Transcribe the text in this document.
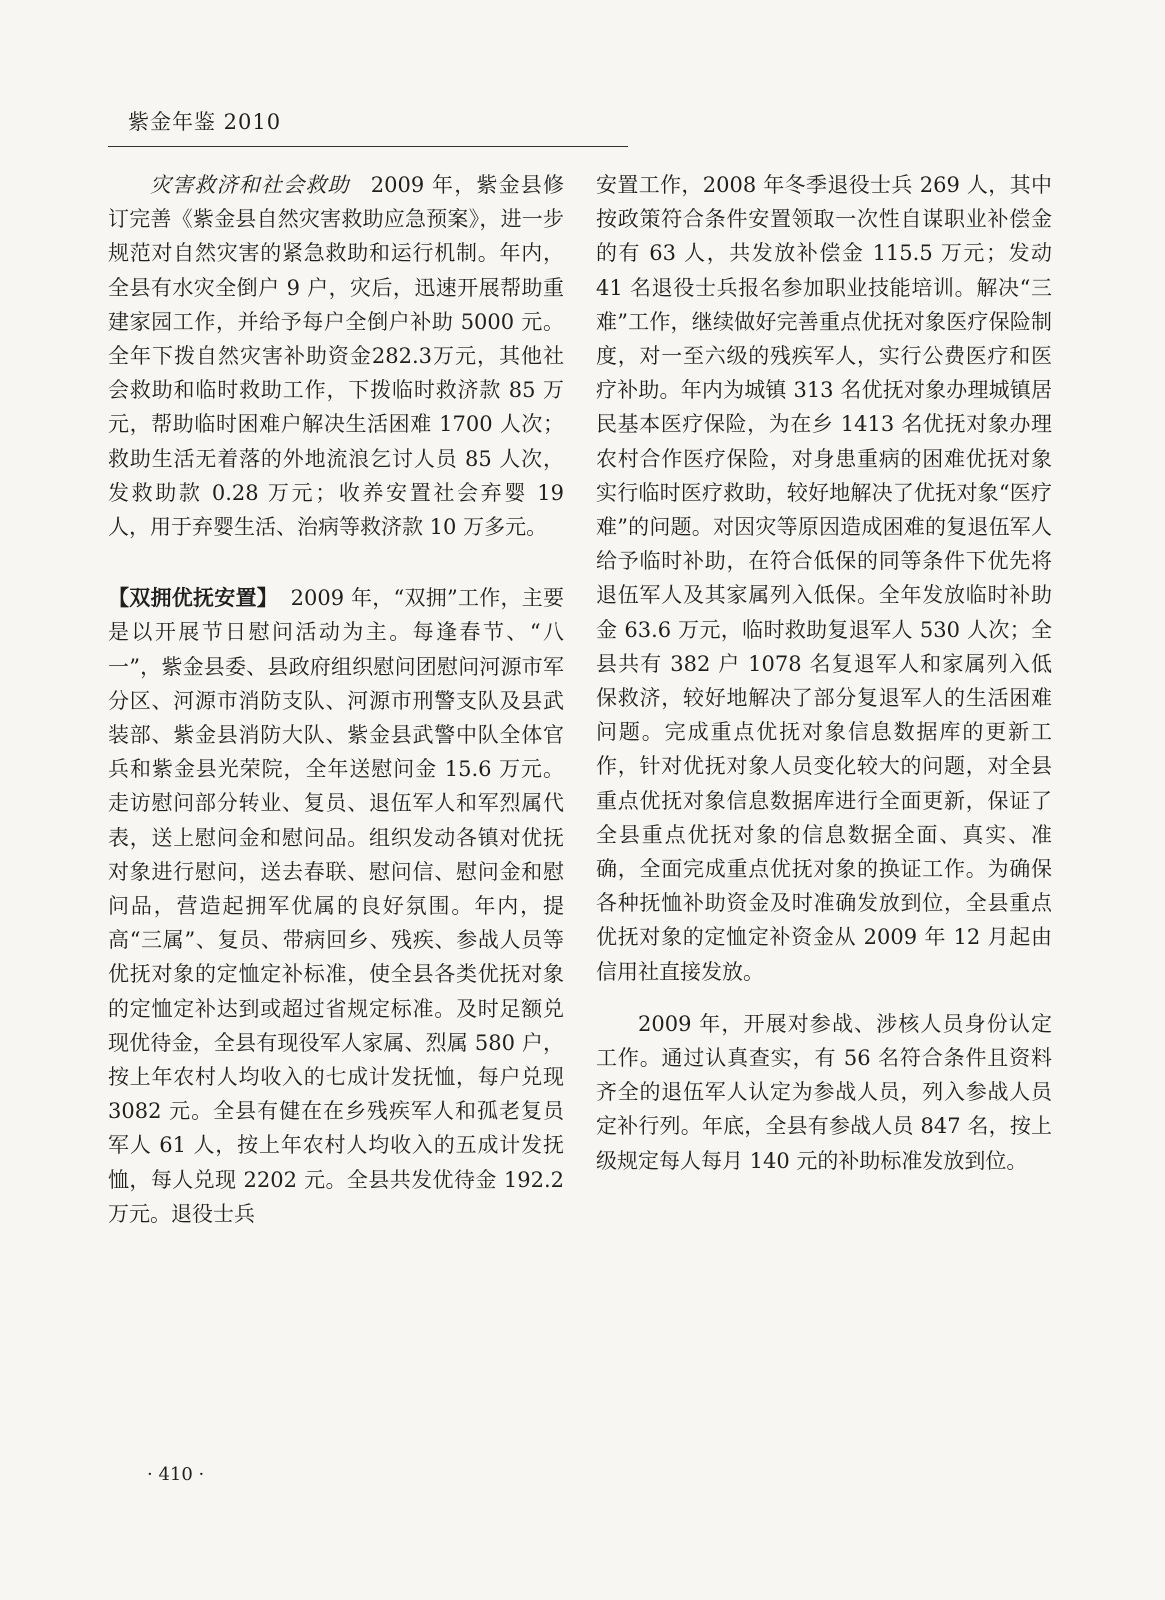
紫金年鉴 2010

灾害救济和社会救助 2009 年，紫金县修订完善《紫金县自然灾害救助应急预案》，进一步规范对自然灾害的紧急救助和运行机制。年内，全县有水灾全倒户 9 户，灾后，迅速开展帮助重建家园工作，并给予每户全倒户补助 5000 元。全年下拨自然灾害补助资金282.3万元，其他社会救助和临时救助工作，下拨临时救济款 85 万元，帮助临时困难户解决生活困难 1700 人次；救助生活无着落的外地流浪乞讨人员 85 人次，发救助款 0.28 万元；收养安置社会弃婴 19 人，用于弃婴生活、治病等救济款 10 万多元。

【双拥优抚安置】 2009 年，“双拥”工作，主要是以开展节日慰问活动为主。每逢春节、“八一”，紫金县委、县政府组织慰问团慰问河源市军分区、河源市消防支队、河源市刑警支队及县武装部、紫金县消防大队、紫金县武警中队全体官兵和紫金县光荣院，全年送慰问金 15.6 万元。走访慰问部分转业、复员、退伍军人和军烈属代表，送上慰问金和慰问品。组织发动各镇对优抚对象进行慰问，送去春联、慰问信、慰问金和慰问品，营造起拥军优属的良好氛围。年内，提高“三属”、复员、带病回乡、残疾、参战人员等优抚对象的定恤定补标准，使全县各类优抚对象的定恤定补达到或超过省规定标准。及时足额兑现优待金，全县有现役军人家属、烈属 580 户，按上年农村人均收入的七成计发抚恤，每户兑现 3082 元。全县有健在在乡残疾军人和孤老复员军人 61 人，按上年农村人均收入的五成计发抚恤，每人兑现 2202 元。全县共发优待金 192.2 万元。退役士兵

安置工作，2008 年冬季退役士兵 269 人，其中按政策符合条件安置领取一次性自谋职业补偿金的有 63 人，共发放补偿金 115.5 万元；发动 41 名退役士兵报名参加职业技能培训。解决“三难”工作，继续做好完善重点优抚对象医疗保险制度，对一至六级的残疾军人，实行公费医疗和医疗补助。年内为城镇 313 名优抚对象办理城镇居民基本医疗保险，为在乡 1413 名优抚对象办理农村合作医疗保险，对身患重病的困难优抚对象实行临时医疗救助，较好地解决了优抚对象“医疗难”的问题。对因灾等原因造成困难的复退伍军人给予临时补助，在符合低保的同等条件下优先将退伍军人及其家属列入低保。全年发放临时补助金 63.6 万元，临时救助复退军人 530 人次；全县共有 382 户 1078 名复退军人和家属列入低保救济，较好地解决了部分复退军人的生活困难问题。完成重点优抚对象信息数据库的更新工作，针对优抚对象人员变化较大的问题，对全县重点优抚对象信息数据库进行全面更新，保证了全县重点优抚对象的信息数据全面、真实、准确，全面完成重点优抚对象的换证工作。为确保各种抚恤补助资金及时准确发放到位，全县重点优抚对象的定恤定补资金从 2009 年 12 月起由信用社直接发放。

2009 年，开展对参战、涉核人员身份认定工作。通过认真查实，有 56 名符合条件且资料齐全的退伍军人认定为参战人员，列入参战人员定补行列。年底，全县有参战人员 847 名，按上级规定每人每月 140 元的补助标准发放到位。

· 410 ·
